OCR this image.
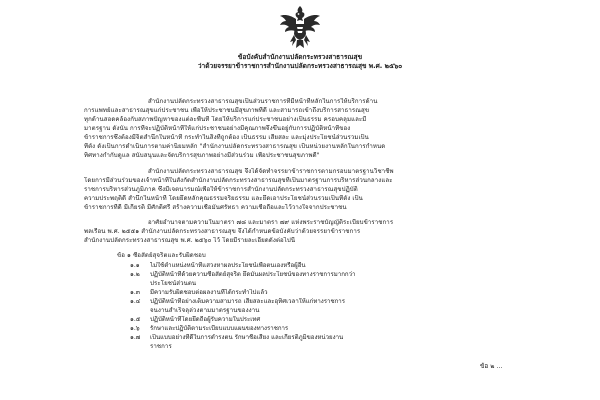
ข้อบังคับสำนักงานปลัดกระทรวงสาธารณสุข
ว่าด้วยจรรยาข้าราชการสำนักงานปลัดกระทรวงสาธารณสุข พ.ศ. ๒๕๖๐
สำนักงานปลัดกระทรวงสาธารณสุขเป็นส่วนราชการที่มีหน้าที่หลักในการให้บริการด้าน
การแพทย์และสาธารณสุขแก่ประชาชน เพื่อให้ประชาชนมีสุขภาพที่ดี และสามารถเข้าถึงบริการสาธารณสุข
ทุกด้านสอดคล้องกับสภาพปัญหาของแต่ละพื้นที่ โดยให้บริการแก่ประชาชนอย่างเป็นธรรม ครอบคลุมและมี
มาตรฐาน ดังนั้น การที่จะปฏิบัติหน้าที่ให้แก่ประชาชนอย่างมีคุณภาพจึงขึ้นอยู่กับการปฏิบัติหน้าที่ของ
ข้าราชการซึ่งต้องมีจิตสำนึกในหน้าที่ กระทำในสิ่งที่ถูกต้อง เป็นธรรม เสียสละ และมุ่งประโยชน์ส่วนรวมเป็น
ที่ตั้ง ดังเป็นการดำเนินการตามค่านิยมหลัก "สำนักงานปลัดกระทรวงสาธารณสุข เป็นหน่วยงานหลักในการกำหนด
ทิศทางกำกับดูแล สนับสนุนและจัดบริการสุขภาพอย่างมีส่วนร่วม เพื่อประชาชนสุขภาพดี"
สำนักงานปลัดกระทรวงสาธารณสุข จึงได้จัดทำจรรยาข้าราชการตามกรอบมาตรฐานวิชาชีพ
โดยการมีส่วนร่วมของเจ้าหน้าที่ในสังกัดสำนักงานปลัดกระทรวงสาธารณสุขที่เป็นมาตรฐานการบริหารส่วนกลางและ
ราชการบริหารส่วนภูมิภาค ซึ่งมีเจตนารมณ์เพื่อให้ข้าราชการสำนักงานปลัดกระทรวงสาธารณสุขปฏิบัติ
ความประพฤติดี สำนึกในหน้าที่ โดยยึดหลักคุณธรรมจริยธรรม และยึดเอาประโยชน์ส่วนรวมเป็นที่ตั้ง เป็น
ข้าราชการที่ดี มีเกียรติ มีศักดิ์ศรี สร้างความเชื่อมั่นศรัทธา ความเชื่อถือและไว้วางใจจากประชาชน
อาศัยอำนาจตามความในมาตรา ๗๘ และมาตรา ๗๙ แห่งพระราชบัญญัติระเบียบข้าราชการ
พลเรือน พ.ศ. ๒๕๕๑ สำนักงานปลัดกระทรวงสาธารณสุข จึงได้กำหนดข้อบังคับว่าด้วยจรรยาข้าราชการ
สำนักงานปลัดกระทรวงสาธารณสุข พ.ศ. ๒๕๖๐ ไว้ โดยมีรายละเอียดดังต่อไปนี้
ข้อ ๑ ซื่อสัตย์สุจริตและรับผิดชอบ
๑.๑ ไม่ใช้ตำแหน่งหน้าที่แสวงหาผลประโยชน์เพื่อตนเองหรือผู้อื่น
๑.๒ ปฏิบัติหน้าที่ด้วยความซื่อสัตย์สุจริต ยึดมั่นผลประโยชน์ของทางราชการมากกว่า
ประโยชน์ส่วนตน
๑.๓ มีความรับผิดชอบต่อผลงานที่ได้กระทำไปแล้ว
๑.๔ ปฏิบัติหน้าที่อย่างเต็มความสามารถ เสียสละและอุทิศเวลาให้แก่ทางราชการ
จนงานสำเร็จลุล่วงตามมาตรฐานของงาน
๑.๕ ปฏิบัติหน้าที่โดยยึดถือผู้รับความในประเทศ
๑.๖ รักษาและปฏิบัติตามระเบียบแบบแผนของทางราชการ
๑.๗ เป็นแบบอย่างที่ดีในการดำรงตน รักษาชื่อเสียง และเกียรติภูมิของหน่วยงาน
ราชการ
ข้อ ๒ ...
